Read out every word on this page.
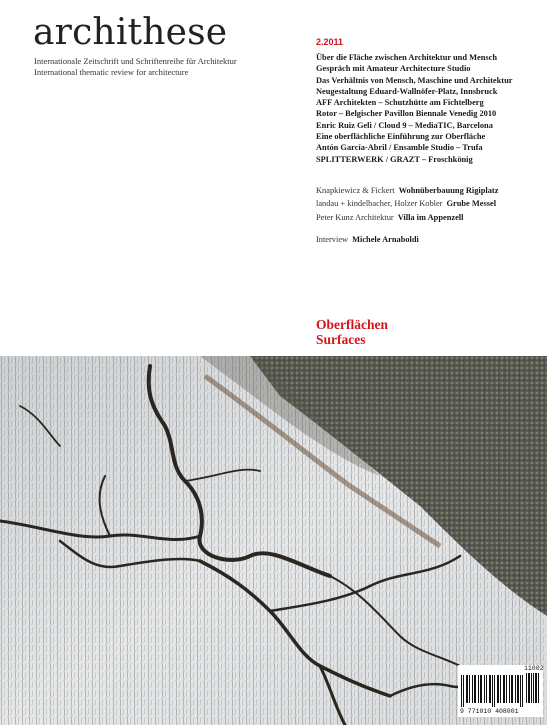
archithese
Internationale Zeitschrift und Schriftenreihe für Architektur
International thematic review for architecture
2.2011
Über die Fläche zwischen Architektur und Mensch
Gespräch mit Amateur Architecture Studio
Das Verhältnis von Mensch, Maschine und Architektur
Neugestaltung Eduard-Wallnöfer-Platz, Innsbruck
AFF Architekten – Schutzhütte am Fichtelberg
Rotor – Belgischer Pavillon Biennale Venedig 2010
Enric Ruiz Geli / Cloud 9 – MediaTIC, Barcelona
Eine oberflächliche Einführung zur Oberfläche
Antón García-Abril / Ensamble Studio – Trufa
SPLITTERWERK / GRAZT – Froschkönig
Knapkiewicz & Fickert Wohnüberbauung Rigiplatz
landau + kindelbacher, Holzer Kobler Grube Messel
Peter Kunz Architektur Villa im Appenzell
Interview Michele Arnaboldi
Oberflächen
Surfaces
11002
9 771010 408001
